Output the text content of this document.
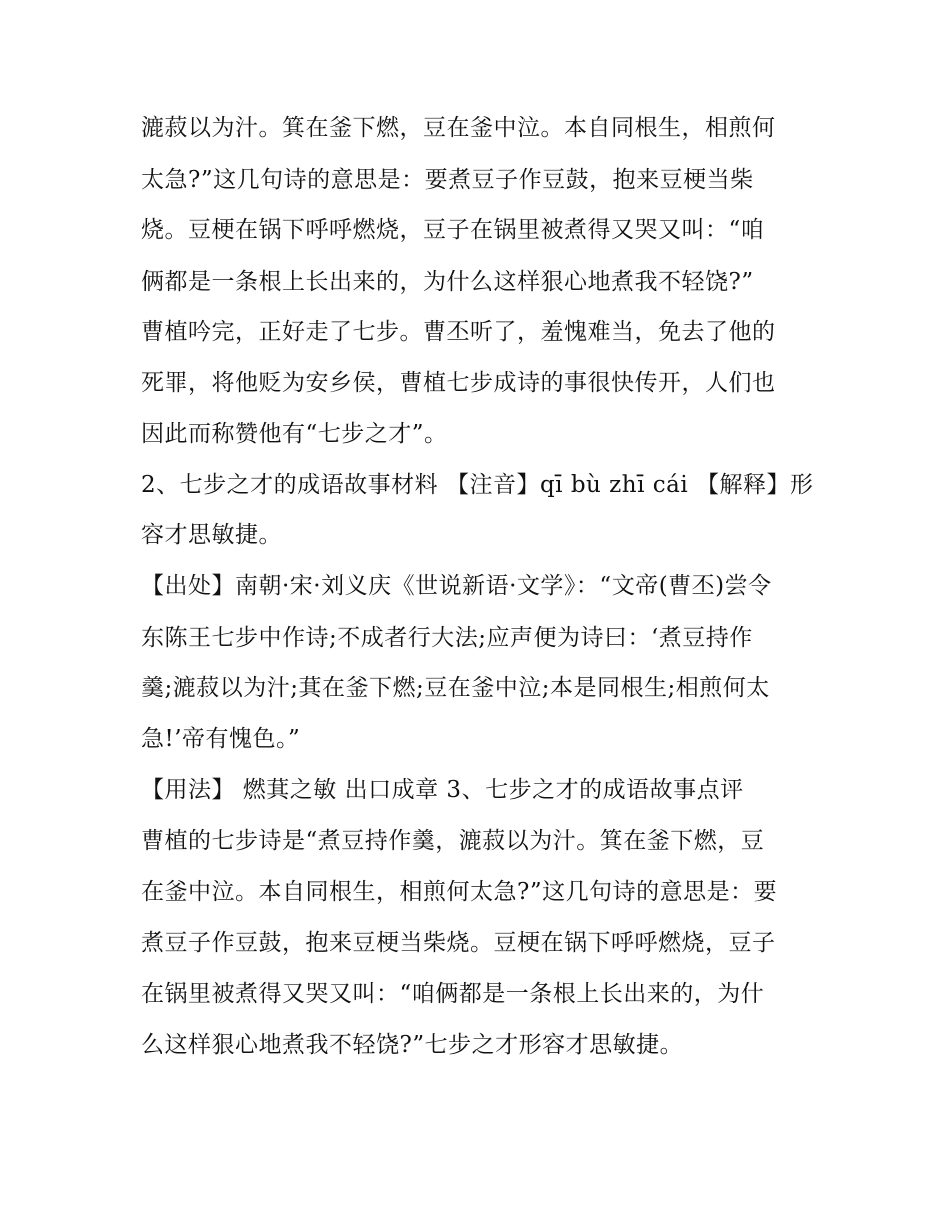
漉菽以为汁。箕在釜下燃，豆在釜中泣。本自同根生，相煎何
太急?”这几句诗的意思是：要煮豆子作豆鼓，抱来豆梗当柴
烧。豆梗在锅下呼呼燃烧，豆子在锅里被煮得又哭又叫：“咱
俩都是一条根上长出来的，为什么这样狠心地煮我不轻饶?”
曹植吟完，正好走了七步。曹丕听了，羞愧难当，免去了他的
死罪，将他贬为安乡侯，曹植七步成诗的事很快传开，人们也
因此而称赞他有“七步之才”。
2、七步之才的成语故事材料 【注音】qī bù zhī cái 【解释】形
容才思敏捷。
【出处】南朝·宋·刘义庆《世说新语·文学》：“文帝(曹丕)尝令
东陈王七步中作诗;不成者行大法;应声便为诗曰：‘煮豆持作
羹;漉菽以为汁;萁在釜下燃;豆在釜中泣;本是同根生;相煎何太
急!’帝有愧色。”
【用法】 燃萁之敏 出口成章 3、七步之才的成语故事点评
曹植的七步诗是“煮豆持作羹，漉菽以为汁。箕在釜下燃，豆
在釜中泣。本自同根生，相煎何太急?”这几句诗的意思是：要
煮豆子作豆鼓，抱来豆梗当柴烧。豆梗在锅下呼呼燃烧，豆子
在锅里被煮得又哭又叫：“咱俩都是一条根上长出来的，为什
么这样狠心地煮我不轻饶?”七步之才形容才思敏捷。
